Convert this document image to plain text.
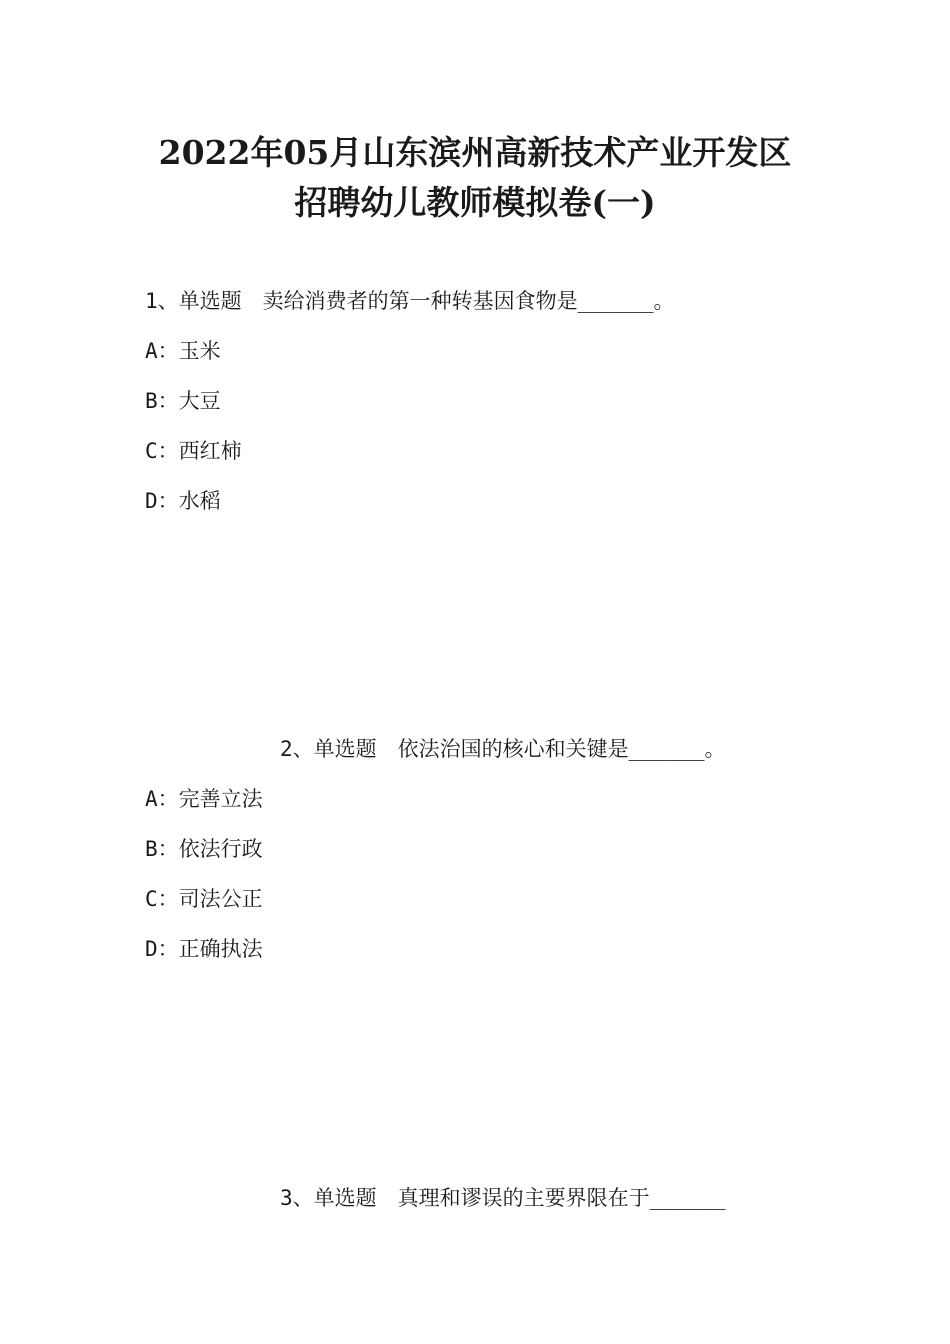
2022年05月山东滨州高新技术产业开发区
招聘幼儿教师模拟卷(一)
1、单选题　卖给消费者的第一种转基因食物是______。
A：玉米
B：大豆
C：西红柿
D：水稻
2、单选题　依法治国的核心和关键是______。
A：完善立法
B：依法行政
C：司法公正
D：正确执法
3、单选题　真理和谬误的主要界限在于______
